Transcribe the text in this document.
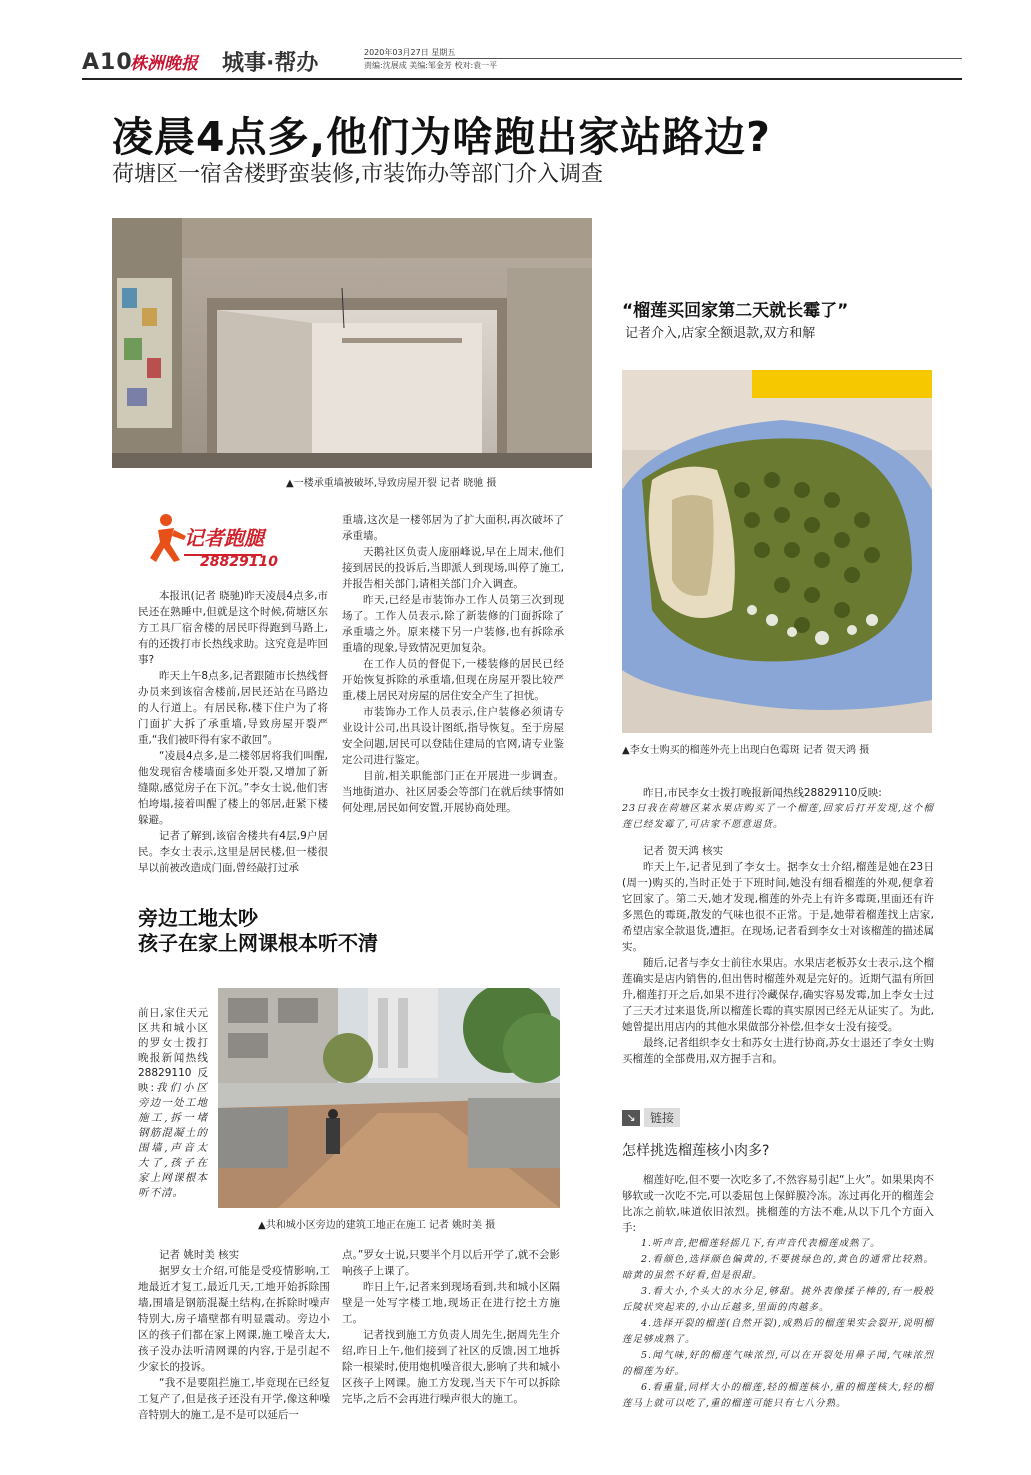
A10
株洲晚报	城事·帮办	2020年03月27日 星期五
责编:沈展成 美编:邹金芳 校对:袁一平
凌晨4点多,他们为啥跑出家站路边?
荷塘区一宿舍楼野蛮装修,市装饰办等部门介入调查
▲一楼承重墙被破坏,导致房屋开裂 记者 晓驰 摄
记者跑腿
28829110

本报讯(记者 晓驰)昨天凌晨4点多,市民还在熟睡中,但就是这个时候,荷塘区东方工具厂宿舍楼的居民吓得跑到马路上,有的还拨打市长热线求助。这究竟是咋回事?

昨天上午8点多,记者跟随市长热线督办员来到该宿舍楼前,居民还站在马路边的人行道上。有居民称,楼下住户为了将门面扩大拆了承重墙,导致房屋开裂严重,“我们被吓得有家不敢回”。

“凌晨4点多,是二楼邻居将我们叫醒,他发现宿舍楼墙面多处开裂,又增加了新缝隙,感觉房子在下沉。”李女士说,他们害怕垮塌,接着叫醒了楼上的邻居,赶紧下楼躲避。

记者了解到,该宿舍楼共有4层,9户居民。李女士表示,这里是居民楼,但一楼很早以前被改造成门面,曾经敲打过承

重墙,这次是一楼邻居为了扩大面积,再次破坏了承重墙。

天鹅社区负责人庞丽峰说,早在上周末,他们接到居民的投诉后,当即派人到现场,叫停了施工,并报告相关部门,请相关部门介入调查。

昨天,已经是市装饰办工作人员第三次到现场了。工作人员表示,除了新装修的门面拆除了承重墙之外。原来楼下另一户装修,也有拆除承重墙的现象,导致情况更加复杂。

在工作人员的督促下,一楼装修的居民已经开始恢复拆除的承重墙,但现在房屋开裂比较严重,楼上居民对房屋的居住安全产生了担忧。

市装饰办工作人员表示,住户装修必须请专业设计公司,出具设计图纸,指导恢复。至于房屋安全问题,居民可以登陆住建局的官网,请专业鉴定公司进行鉴定。

目前,相关职能部门正在开展进一步调查。当地街道办、社区居委会等部门在就后续事情如何处理,居民如何安置,开展协商处理。

旁边工地太吵
孩子在家上网课根本听不清
前日,家住天元区共和城小区的罗女士拨打晚报新闻热线28829110反映:我们小区旁边一处工地施工,拆一堵钢筋混凝土的围墙,声音太大了,孩子在家上网课根本听不清。
▲共和城小区旁边的建筑工地正在施工 记者 姚时美 摄

记者 姚时美 核实

据罗女士介绍,可能是受疫情影响,工地最近才复工,最近几天,工地开始拆除围墙,围墙是钢筋混凝土结构,在拆除时噪声特别大,房子墙壁都有明显震动。旁边小区的孩子们都在家上网课,施工噪音太大,孩子没办法听清网课的内容,于是引起不少家长的投诉。

“我不是要阻拦施工,毕竟现在已经复工复产了,但是孩子还没有开学,像这种噪音特别大的施工,是不是可以延后一

点。”罗女士说,只要半个月以后开学了,就不会影响孩子上课了。

昨日上午,记者来到现场看到,共和城小区隔壁是一处写字楼工地,现场正在进行挖土方施工。

记者找到施工方负责人周先生,据周先生介绍,昨日上午,他们接到了社区的反馈,因工地拆除一根梁时,使用炮机噪音很大,影响了共和城小区孩子上网课。施工方发现,当天下午可以拆除完毕,之后不会再进行噪声很大的施工。

“榴莲买回家第二天就长霉了”
记者介入,店家全额退款,双方和解
▲李女士购买的榴莲外壳上出现白色霉斑 记者 贺天鸿 摄

昨日,市民李女士拨打晚报新闻热线28829110反映:

23日我在荷塘区某水果店购买了一个榴莲,回家后打开发现,这个榴莲已经发霉了,可店家不愿意退货。

记者 贺天鸿 核实

昨天上午,记者见到了李女士。据李女士介绍,榴莲是她在23日(周一)购买的,当时正处于下班时间,她没有细看榴莲的外观,便拿着它回家了。第二天,她才发现,榴莲的外壳上有许多霉斑,里面还有许多黑色的霉斑,散发的气味也很不正常。于是,她带着榴莲找上店家,希望店家全款退货,遭拒。在现场,记者看到李女士对该榴莲的描述属实。

随后,记者与李女士前往水果店。水果店老板苏女士表示,这个榴莲确实是店内销售的,但出售时榴莲外观是完好的。近期气温有所回升,榴莲打开之后,如果不进行冷藏保存,确实容易发霉,加上李女士过了三天才过来退货,所以榴莲长霉的真实原因已经无从证实了。为此,她曾提出用店内的其他水果做部分补偿,但李女士没有接受。

最终,记者组织李女士和苏女士进行协商,苏女士退还了李女士购买榴莲的全部费用,双方握手言和。

↘	链接
怎样挑选榴莲核小肉多?

榴莲好吃,但不要一次吃多了,不然容易引起“上火”。如果果肉不够软或一次吃不完,可以委屈包上保鲜膜冷冻。冻过再化开的榴莲会比冻之前软,味道依旧浓烈。挑榴莲的方法不难,从以下几个方面入手:

1.听声音,把榴莲轻摇几下,有声音代表榴莲成熟了。

2.看颜色,选择颜色偏黄的,不要挑绿色的,黄色的通常比较熟。暗黄的虽然不好看,但是很甜。

3.看大小,个头大的水分足,够甜。挑外表像揉子棒的,有一般般丘陵状突起来的,小山丘越多,里面的肉越多。

4.选择开裂的榴莲(自然开裂),成熟后的榴莲果实会裂开,说明榴莲足够成熟了。

5.闻气味,好的榴莲气味浓烈,可以在开裂处用鼻子闻,气味浓烈的榴莲为好。

6.看重量,同样大小的榴莲,轻的榴莲核小,重的榴莲核大,轻的榴莲马上就可以吃了,重的榴莲可能只有七八分熟。
